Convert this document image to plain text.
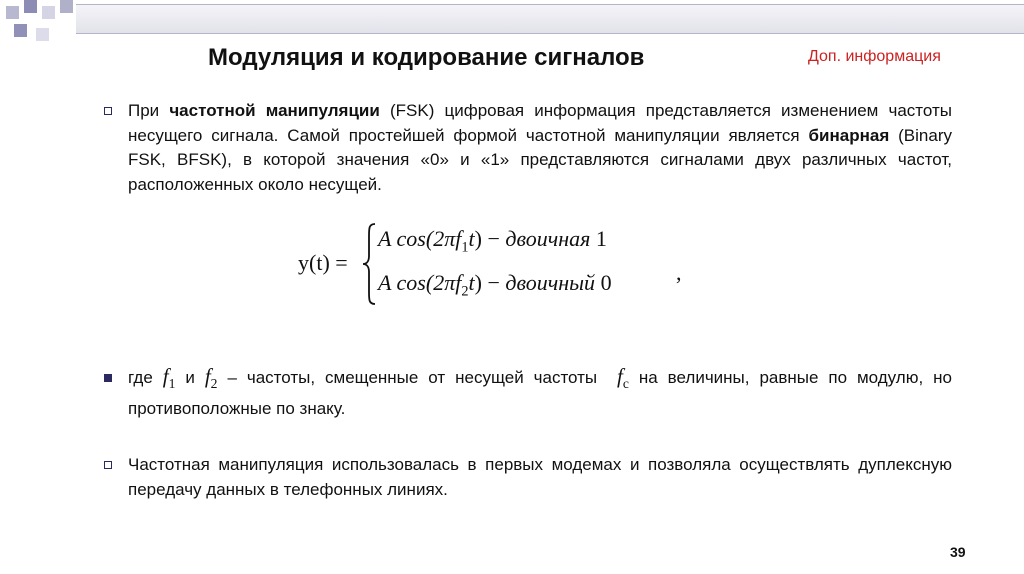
Модуляция и кодирование сигналов	Доп. информация

При частотной манипуляции (FSK) цифровая информация представляется изменением частоты несущего сигнала. Самой простейшей формой частотной манипуляции является бинарная (Binary FSK, BFSK), в которой значения «0» и «1» представляются сигналами двух различных частот, расположенных около несущей.

y(t) =
A $\cos(2\pi f_1t)$ − двоичная 1
A $\cos(2\pi f_2t)$ − двоичный 0	,

где $f_1$ и $f_2$ – частоты, смещенные от несущей частоты  $f_c$ на величины, равные по модулю, но противоположные по знаку.

Частотная манипуляция использовалась в первых модемах и позволяла осуществлять дуплексную передачу данных в телефонных линиях.

39
